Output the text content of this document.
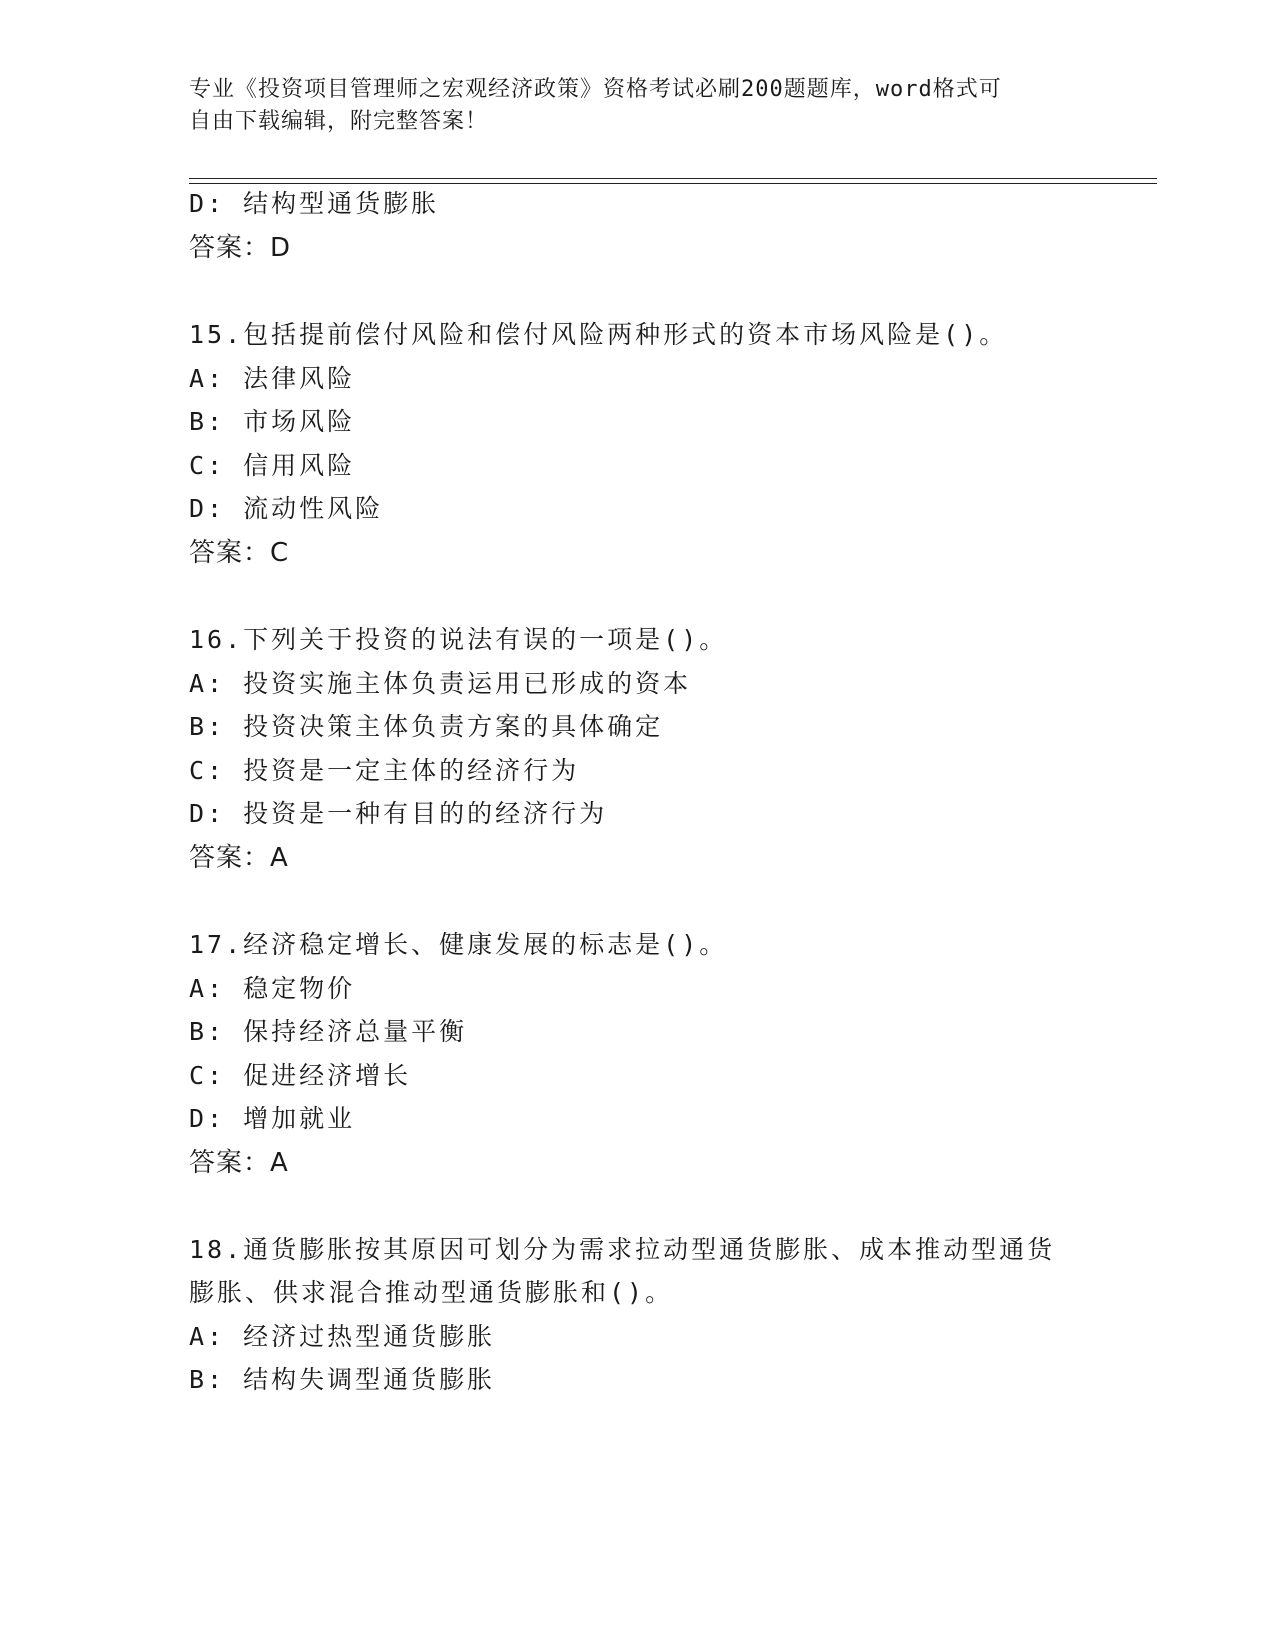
专业《投资项目管理师之宏观经济政策》资格考试必刷200题题库，word格式可
自由下载编辑，附完整答案！
D: 结构型通货膨胀
答案：D
15.包括提前偿付风险和偿付风险两种形式的资本市场风险是()。
A: 法律风险
B: 市场风险
C: 信用风险
D: 流动性风险
答案：C
16.下列关于投资的说法有误的一项是()。
A: 投资实施主体负责运用已形成的资本
B: 投资决策主体负责方案的具体确定
C: 投资是一定主体的经济行为
D: 投资是一种有目的的经济行为
答案：A
17.经济稳定增长、健康发展的标志是()。
A: 稳定物价
B: 保持经济总量平衡
C: 促进经济增长
D: 增加就业
答案：A
18.通货膨胀按其原因可划分为需求拉动型通货膨胀、成本推动型通货
膨胀、供求混合推动型通货膨胀和()。
A: 经济过热型通货膨胀
B: 结构失调型通货膨胀
